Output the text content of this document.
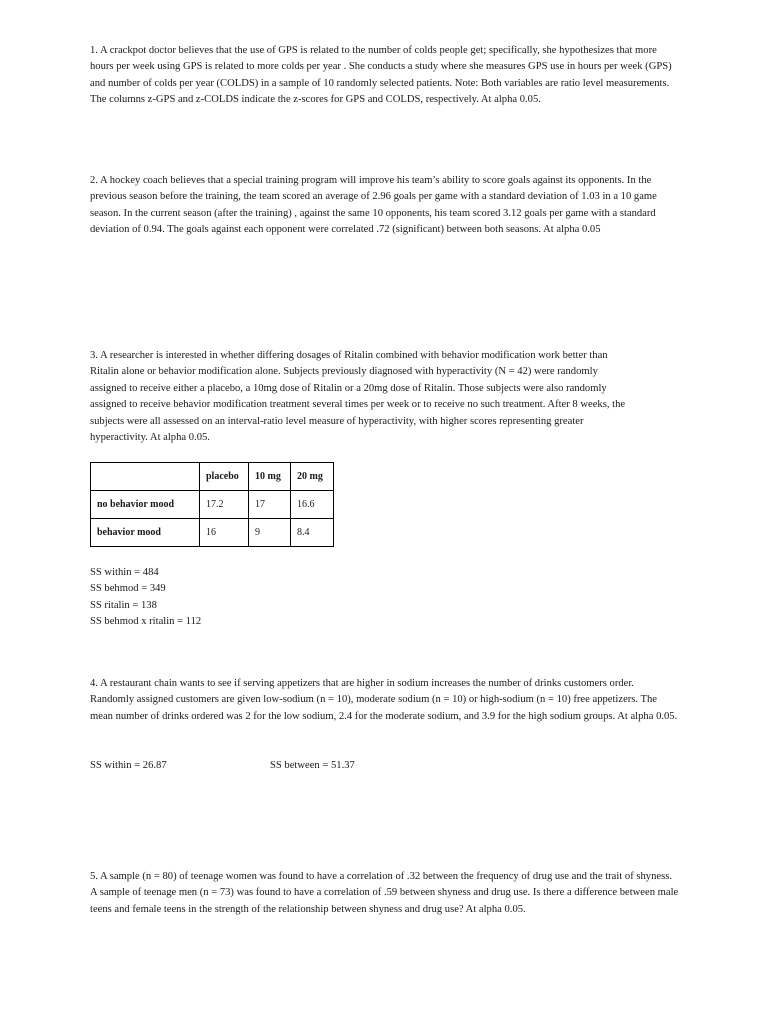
1. A crackpot doctor believes that the use of GPS is related to the number of colds people get; specifically, she hypothesizes that more hours per week using GPS is related to more colds per year . She conducts a study where she measures GPS use in hours per week (GPS) and number of colds per year (COLDS) in a sample of 10 randomly selected patients. Note: Both variables are ratio level measurements. The columns z-GPS and z-COLDS indicate the z-scores for GPS and COLDS, respectively. At alpha 0.05.

2. A hockey coach believes that a special training program will improve his team’s ability to score goals against its opponents. In the previous season before the training, the team scored an average of 2.96 goals per game with a standard deviation of 1.03 in a 10 game season. In the current season (after the training) , against the same 10 opponents, his team scored 3.12 goals per game with a standard deviation of 0.94. The goals against each opponent were correlated .72 (significant) between both seasons. At alpha 0.05

3. A researcher is interested in whether differing dosages of Ritalin combined with behavior modification work better than Ritalin alone or behavior modification alone. Subjects previously diagnosed with hyperactivity (N = 42) were randomly assigned to receive either a placebo, a 10mg dose of Ritalin or a 20mg dose of Ritalin. Those subjects were also randomly assigned to receive behavior modification treatment several times per week or to receive no such treatment. After 8 weeks, the subjects were all assessed on an interval-ratio level measure of hyperactivity, with higher scores representing greater hyperactivity. At alpha 0.05.

	placebo	10 mg	20 mg
no behavior mood	17.2	17	16.6
behavior mood	16	9	8.4
SS within = 484
SS behmod = 349
SS ritalin = 138
SS behmod x ritalin = 112

4. A restaurant chain wants to see if serving appetizers that are higher in sodium increases the number of drinks customers order. Randomly assigned customers are given low-sodium (n = 10), moderate sodium (n = 10) or high-sodium (n = 10) free appetizers. The mean number of drinks ordered was 2 for the low sodium, 2.4 for the moderate sodium, and 3.9 for the high sodium groups. At alpha 0.05.

SS within = 26.87	SS between = 51.37

5. A sample (n = 80) of teenage women was found to have a correlation of .32 between the frequency of drug use and the trait of shyness. A sample of teenage men (n = 73) was found to have a correlation of .59 between shyness and drug use. Is there a difference between male teens and female teens in the strength of the relationship between shyness and drug use? At alpha 0.05.
